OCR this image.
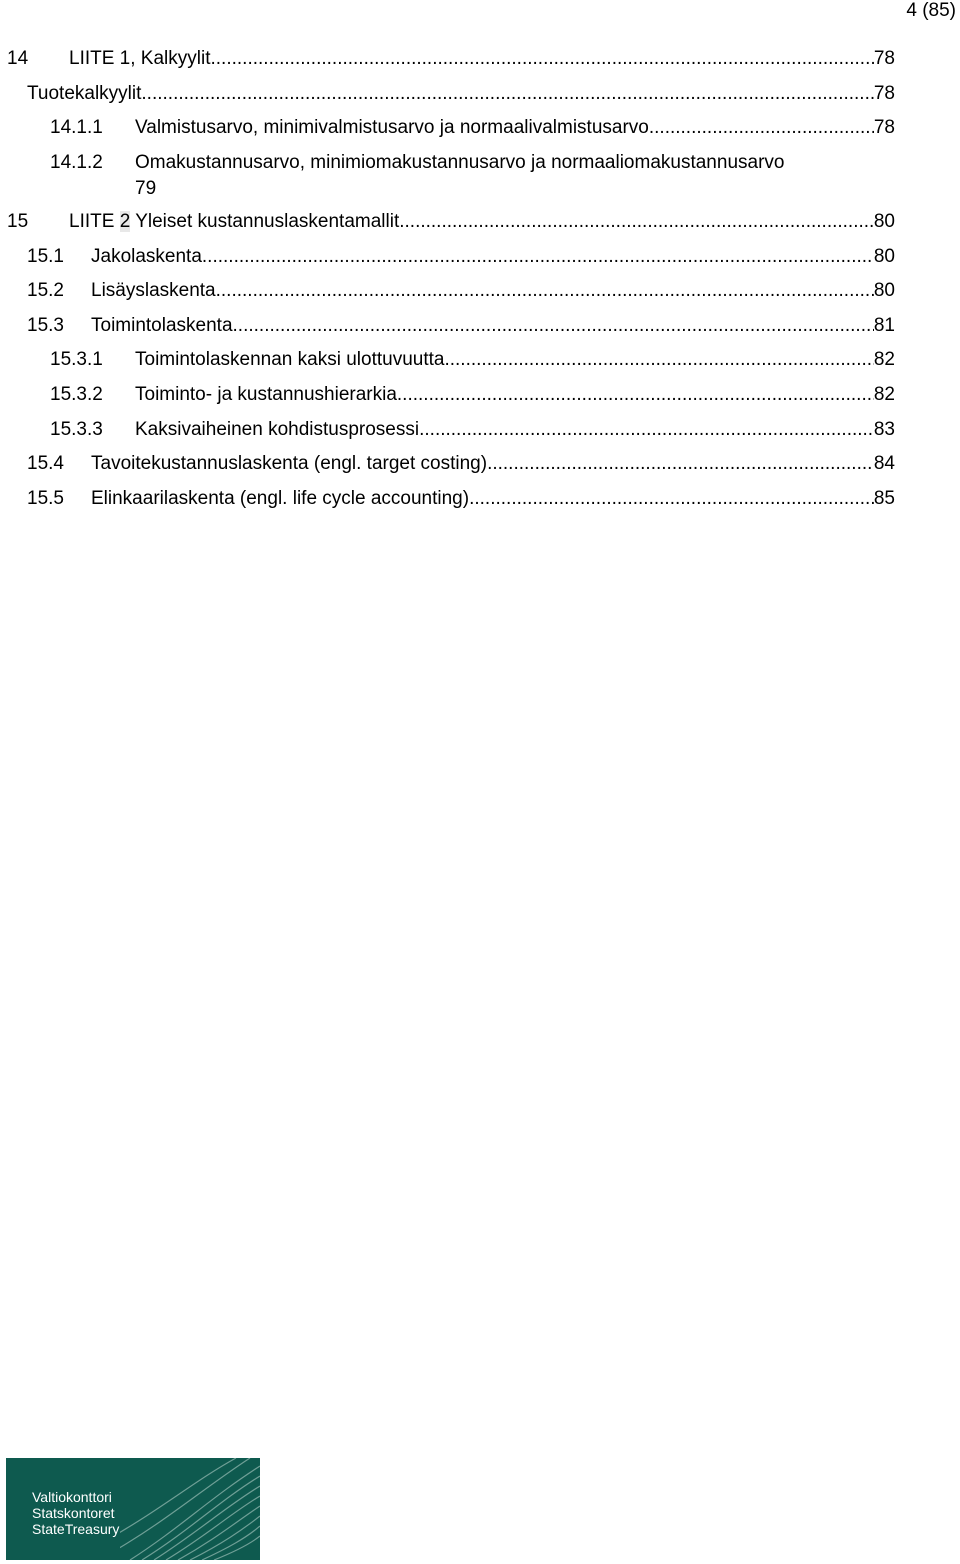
4 (85)
14	LIITE 1, Kalkyylit .....	78
Tuotekalkyylit .....	78
14.1.1	Valmistusarvo, minimivalmistusarvo ja normaalivalmistusarvo .....	78
14.1.2	Omakustannusarvo, minimiomakustannusarvo ja normaaliomakustannusarvo
79
15	LIITE 2 Yleiset kustannuslaskentamallit .....	80
15.1	Jakolaskenta .....	80
15.2	Lisäyslaskenta .....	80
15.3	Toimintolaskenta .....	81
15.3.1	Toimintolaskennan kaksi ulottuvuutta .....	82
15.3.2	Toiminto- ja kustannushierarkia .....	82
15.3.3	Kaksivaiheinen kohdistusprosessi .....	83
15.4	Tavoitekustannuslaskenta (engl. target costing) .....	84
15.5	Elinkaarilaskenta (engl. life cycle accounting) .....	85
Valtiokonttori
Statskontoret
StateTreasury
